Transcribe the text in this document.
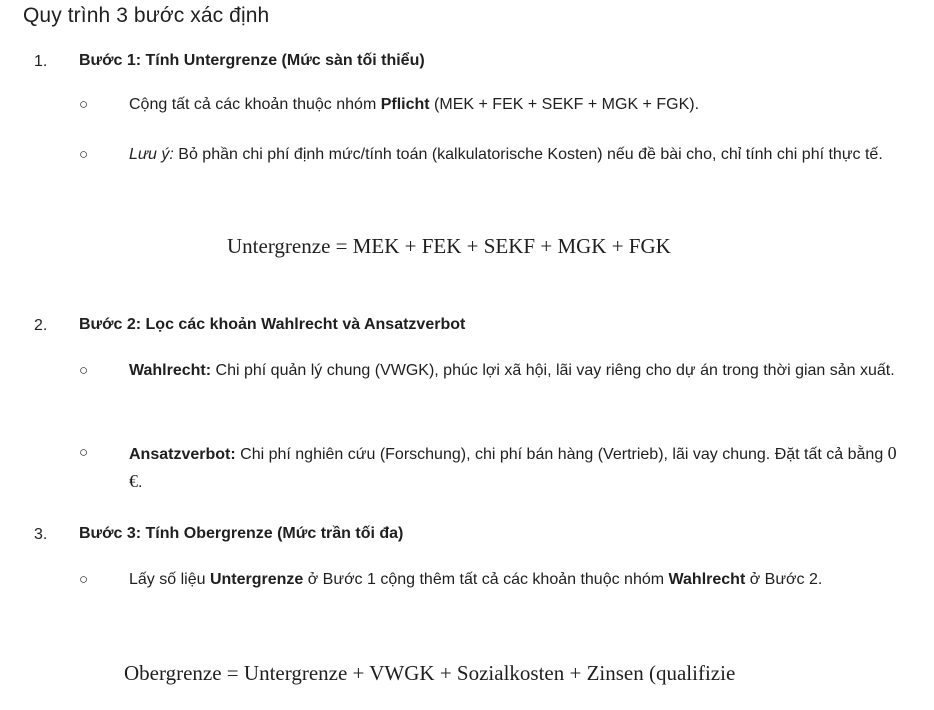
Quy trình 3 bước xác định
1. Bước 1: Tính Untergrenze (Mức sàn tối thiểu)
○	Cộng tất cả các khoản thuộc nhóm Pflicht (MEK + FEK + SEKF + MGK + FGK).
○	Lưu ý: Bỏ phần chi phí định mức/tính toán (kalkulatorische Kosten) nếu đề bài cho, chỉ tính chi phí thực tế.
Untergrenze = MEK + FEK + SEKF + MGK + FGK
2. Bước 2: Lọc các khoản Wahlrecht và Ansatzverbot
○	Wahlrecht: Chi phí quản lý chung (VWGK), phúc lợi xã hội, lãi vay riêng cho dự án trong thời gian sản xuất.
○	Ansatzverbot: Chi phí nghiên cứu (Forschung), chi phí bán hàng (Vertrieb), lãi vay chung. Đặt tất cả bằng 0 €.
3. Bước 3: Tính Obergrenze (Mức trần tối đa)
○	Lấy số liệu Untergrenze ở Bước 1 cộng thêm tất cả các khoản thuộc nhóm Wahlrecht ở Bước 2.
Obergrenze = Untergrenze + VWGK + Sozialkosten + Zinsen (qualifizie
